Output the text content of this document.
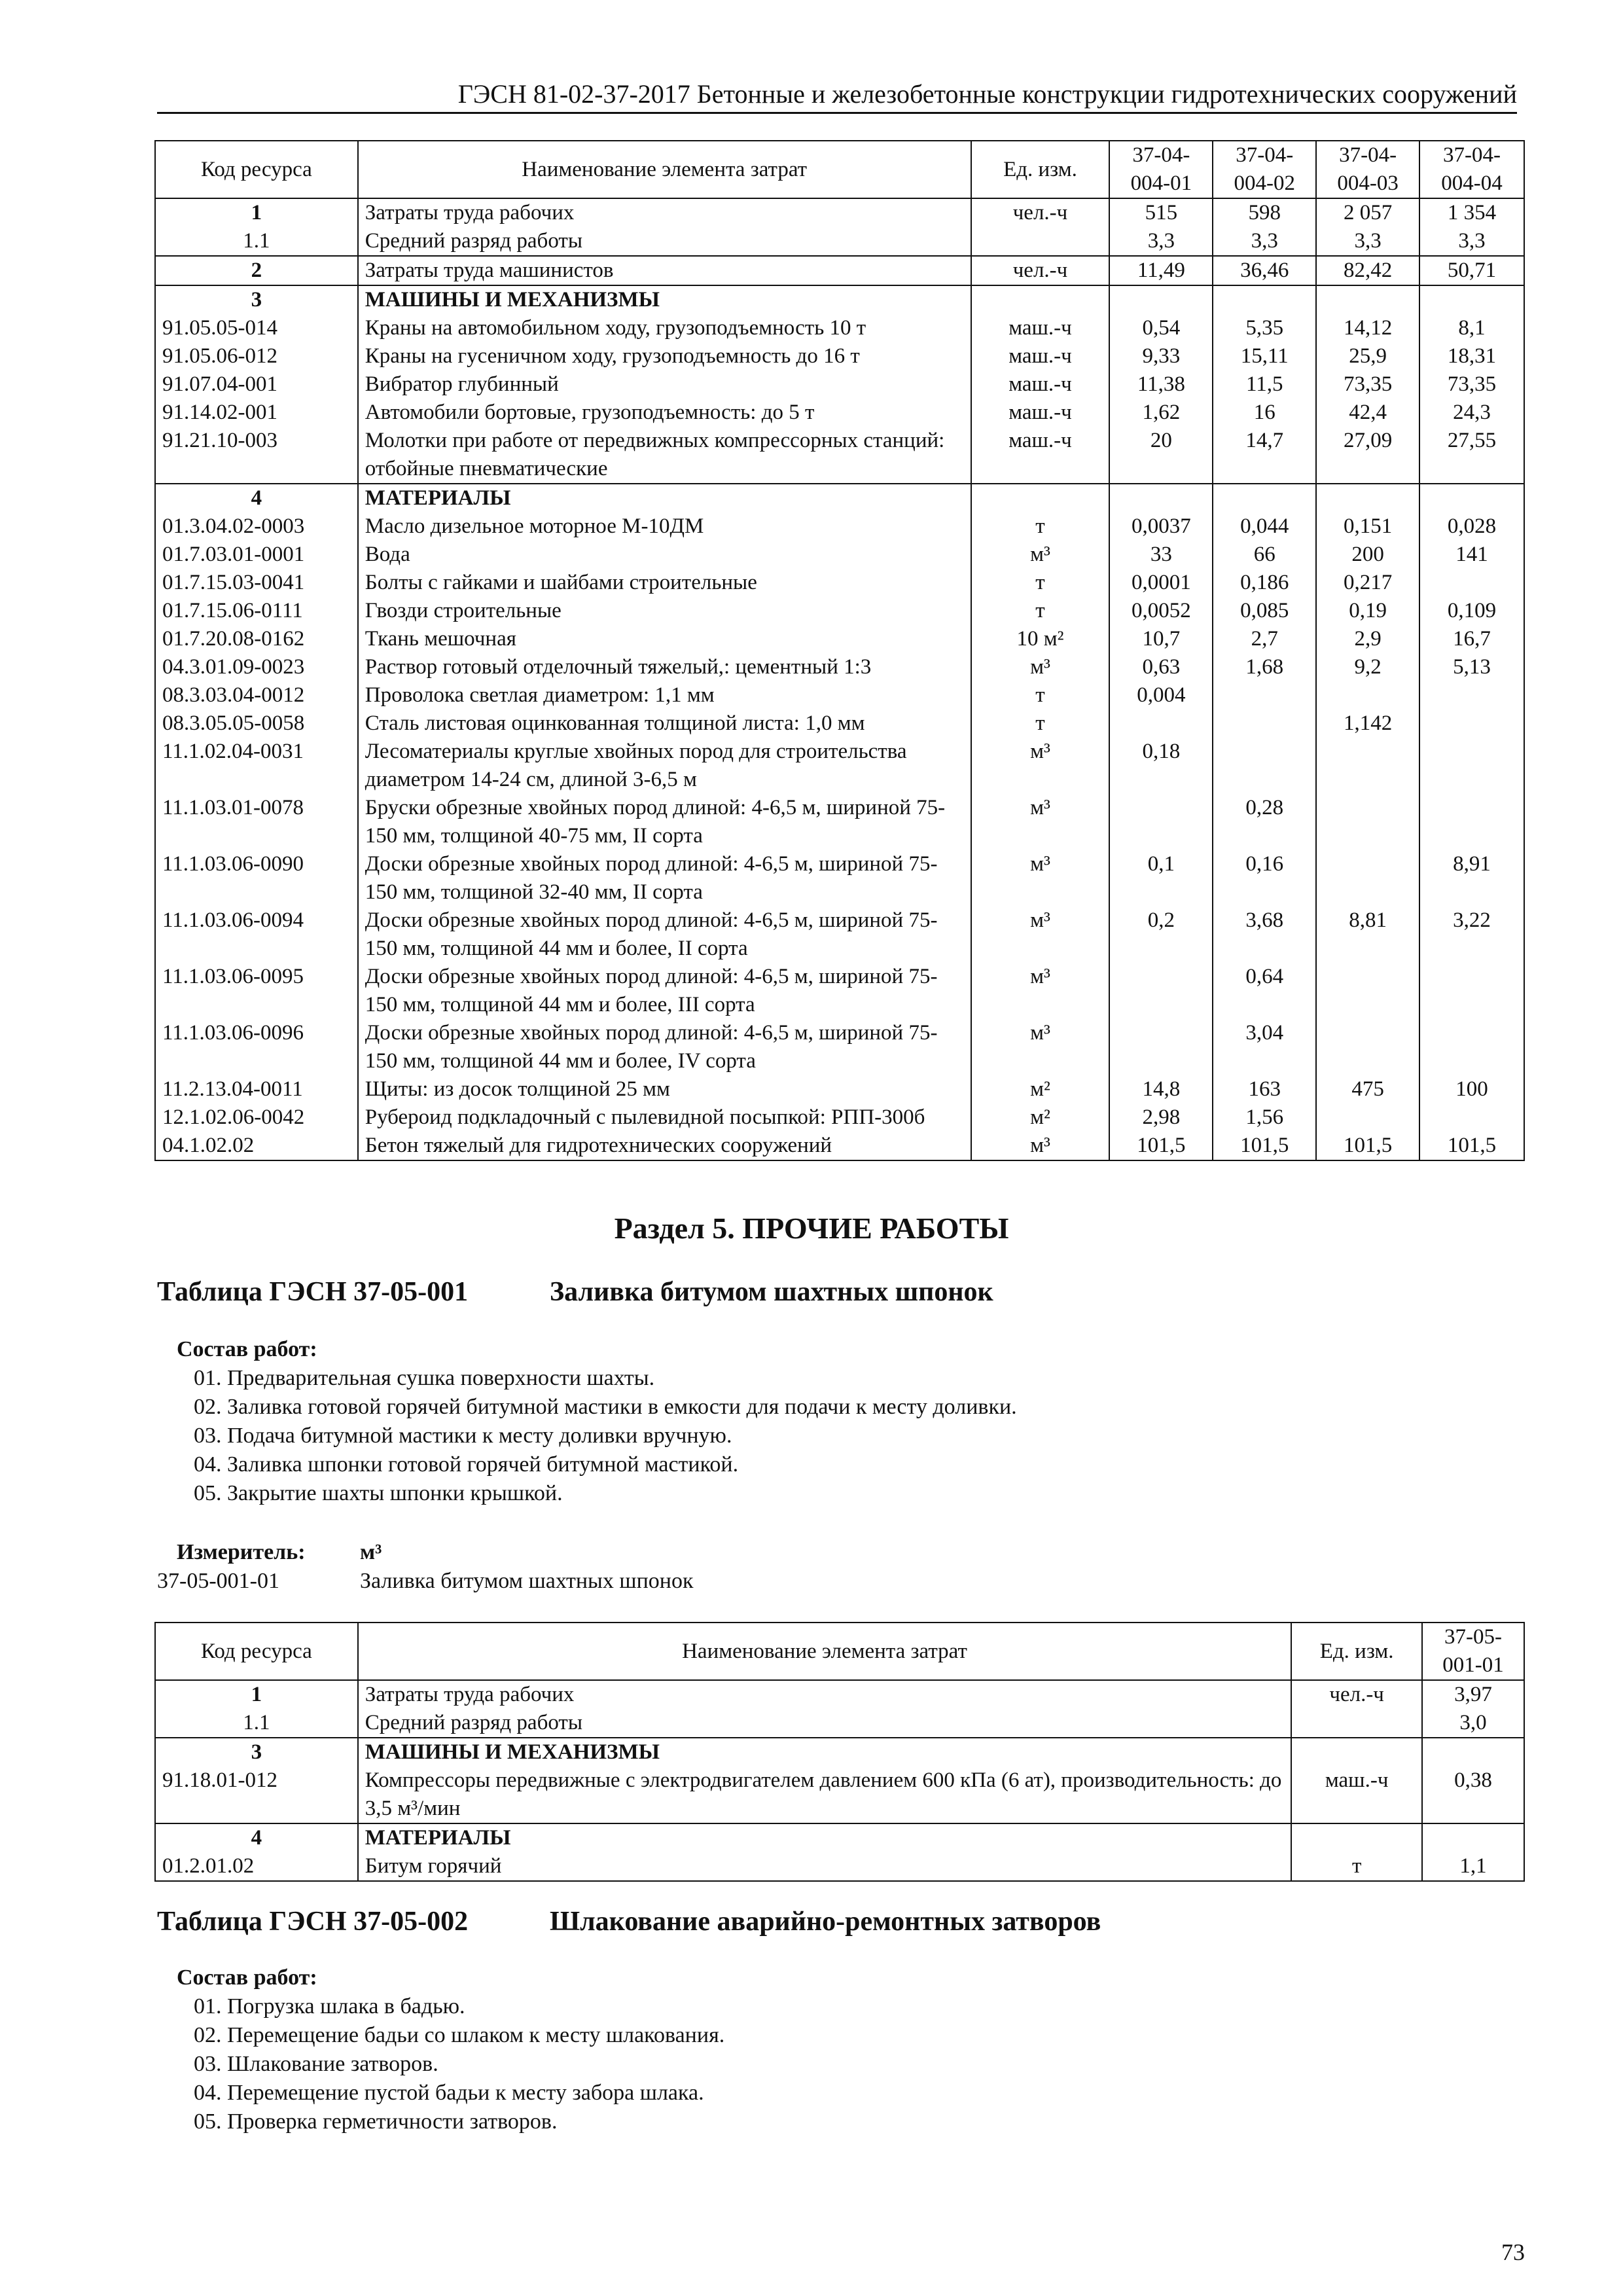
ГЭСН 81-02-37-2017 Бетонные и железобетонные конструкции гидротехнических сооружений
Код ресурса	Наименование элемента затрат	Ед. изм.	37-04-004-01	37-04-004-02	37-04-004-03	37-04-004-04
1	Затраты труда рабочих	чел.-ч	515	598	2 057	1 354
1.1	Средний разряд работы		3,3	3,3	3,3	3,3
2	Затраты труда машинистов	чел.-ч	11,49	36,46	82,42	50,71
3	МАШИНЫ И МЕХАНИЗМЫ					
91.05.05-014	Краны на автомобильном ходу, грузоподъемность 10 т	маш.-ч	0,54	5,35	14,12	8,1
91.05.06-012	Краны на гусеничном ходу, грузоподъемность до 16 т	маш.-ч	9,33	15,11	25,9	18,31
91.07.04-001	Вибратор глубинный	маш.-ч	11,38	11,5	73,35	73,35
91.14.02-001	Автомобили бортовые, грузоподъемность: до 5 т	маш.-ч	1,62	16	42,4	24,3
91.21.10-003	Молотки при работе от передвижных компрессорных станций: отбойные пневматические	маш.-ч	20	14,7	27,09	27,55
4	МАТЕРИАЛЫ					
01.3.04.02-0003	Масло дизельное моторное М-10ДМ	т	0,0037	0,044	0,151	0,028
01.7.03.01-0001	Вода	м³	33	66	200	141
01.7.15.03-0041	Болты с гайками и шайбами строительные	т	0,0001	0,186	0,217	
01.7.15.06-0111	Гвозди строительные	т	0,0052	0,085	0,19	0,109
01.7.20.08-0162	Ткань мешочная	10 м²	10,7	2,7	2,9	16,7
04.3.01.09-0023	Раствор готовый отделочный тяжелый,: цементный 1:3	м³	0,63	1,68	9,2	5,13
08.3.03.04-0012	Проволока светлая диаметром: 1,1 мм	т	0,004			
08.3.05.05-0058	Сталь листовая оцинкованная толщиной листа: 1,0 мм	т			1,142	
11.1.02.04-0031	Лесоматериалы круглые хвойных пород для строительства диаметром 14-24 см, длиной 3-6,5 м	м³	0,18			
11.1.03.01-0078	Бруски обрезные хвойных пород длиной: 4-6,5 м, шириной 75-150 мм, толщиной 40-75 мм, II сорта	м³		0,28		
11.1.03.06-0090	Доски обрезные хвойных пород длиной: 4-6,5 м, шириной 75-150 мм, толщиной 32-40 мм, II сорта	м³	0,1	0,16		8,91
11.1.03.06-0094	Доски обрезные хвойных пород длиной: 4-6,5 м, шириной 75-150 мм, толщиной 44 мм и более, II сорта	м³	0,2	3,68	8,81	3,22
11.1.03.06-0095	Доски обрезные хвойных пород длиной: 4-6,5 м, шириной 75-150 мм, толщиной 44 мм и более, III сорта	м³		0,64		
11.1.03.06-0096	Доски обрезные хвойных пород длиной: 4-6,5 м, шириной 75-150 мм, толщиной 44 мм и более, IV сорта	м³		3,04		
11.2.13.04-0011	Щиты: из досок толщиной 25 мм	м²	14,8	163	475	100
12.1.02.06-0042	Рубероид подкладочный с пылевидной посыпкой: РПП-300б	м²	2,98	1,56		
04.1.02.02	Бетон тяжелый для гидротехнических сооружений	м³	101,5	101,5	101,5	101,5
Раздел 5. ПРОЧИЕ РАБОТЫ
Таблица ГЭСН 37-05-001	Заливка битумом шахтных шпонок
Состав работ:
01. Предварительная сушка поверхности шахты.
02. Заливка готовой горячей битумной мастики в емкости для подачи к месту доливки.
03. Подача битумной мастики к месту доливки вручную.
04. Заливка шпонки готовой горячей битумной мастикой.
05. Закрытие шахты шпонки крышкой.
Измеритель:	м³
37-05-001-01	Заливка битумом шахтных шпонок
Код ресурса	Наименование элемента затрат	Ед. изм.	37-05-001-01
1	Затраты труда рабочих	чел.-ч	3,97
1.1	Средний разряд работы		3,0
3	МАШИНЫ И МЕХАНИЗМЫ		
91.18.01-012	Компрессоры передвижные с электродвигателем давлением 600 кПа (6 ат), производительность: до 3,5 м³/мин	маш.-ч	0,38
4	МАТЕРИАЛЫ		
01.2.01.02	Битум горячий	т	1,1
Таблица ГЭСН 37-05-002	Шлакование аварийно-ремонтных затворов
Состав работ:
01. Погрузка шлака в бадью.
02. Перемещение бадьи со шлаком к месту шлакования.
03. Шлакование затворов.
04. Перемещение пустой бадьи к месту забора шлака.
05. Проверка герметичности затворов.
73
